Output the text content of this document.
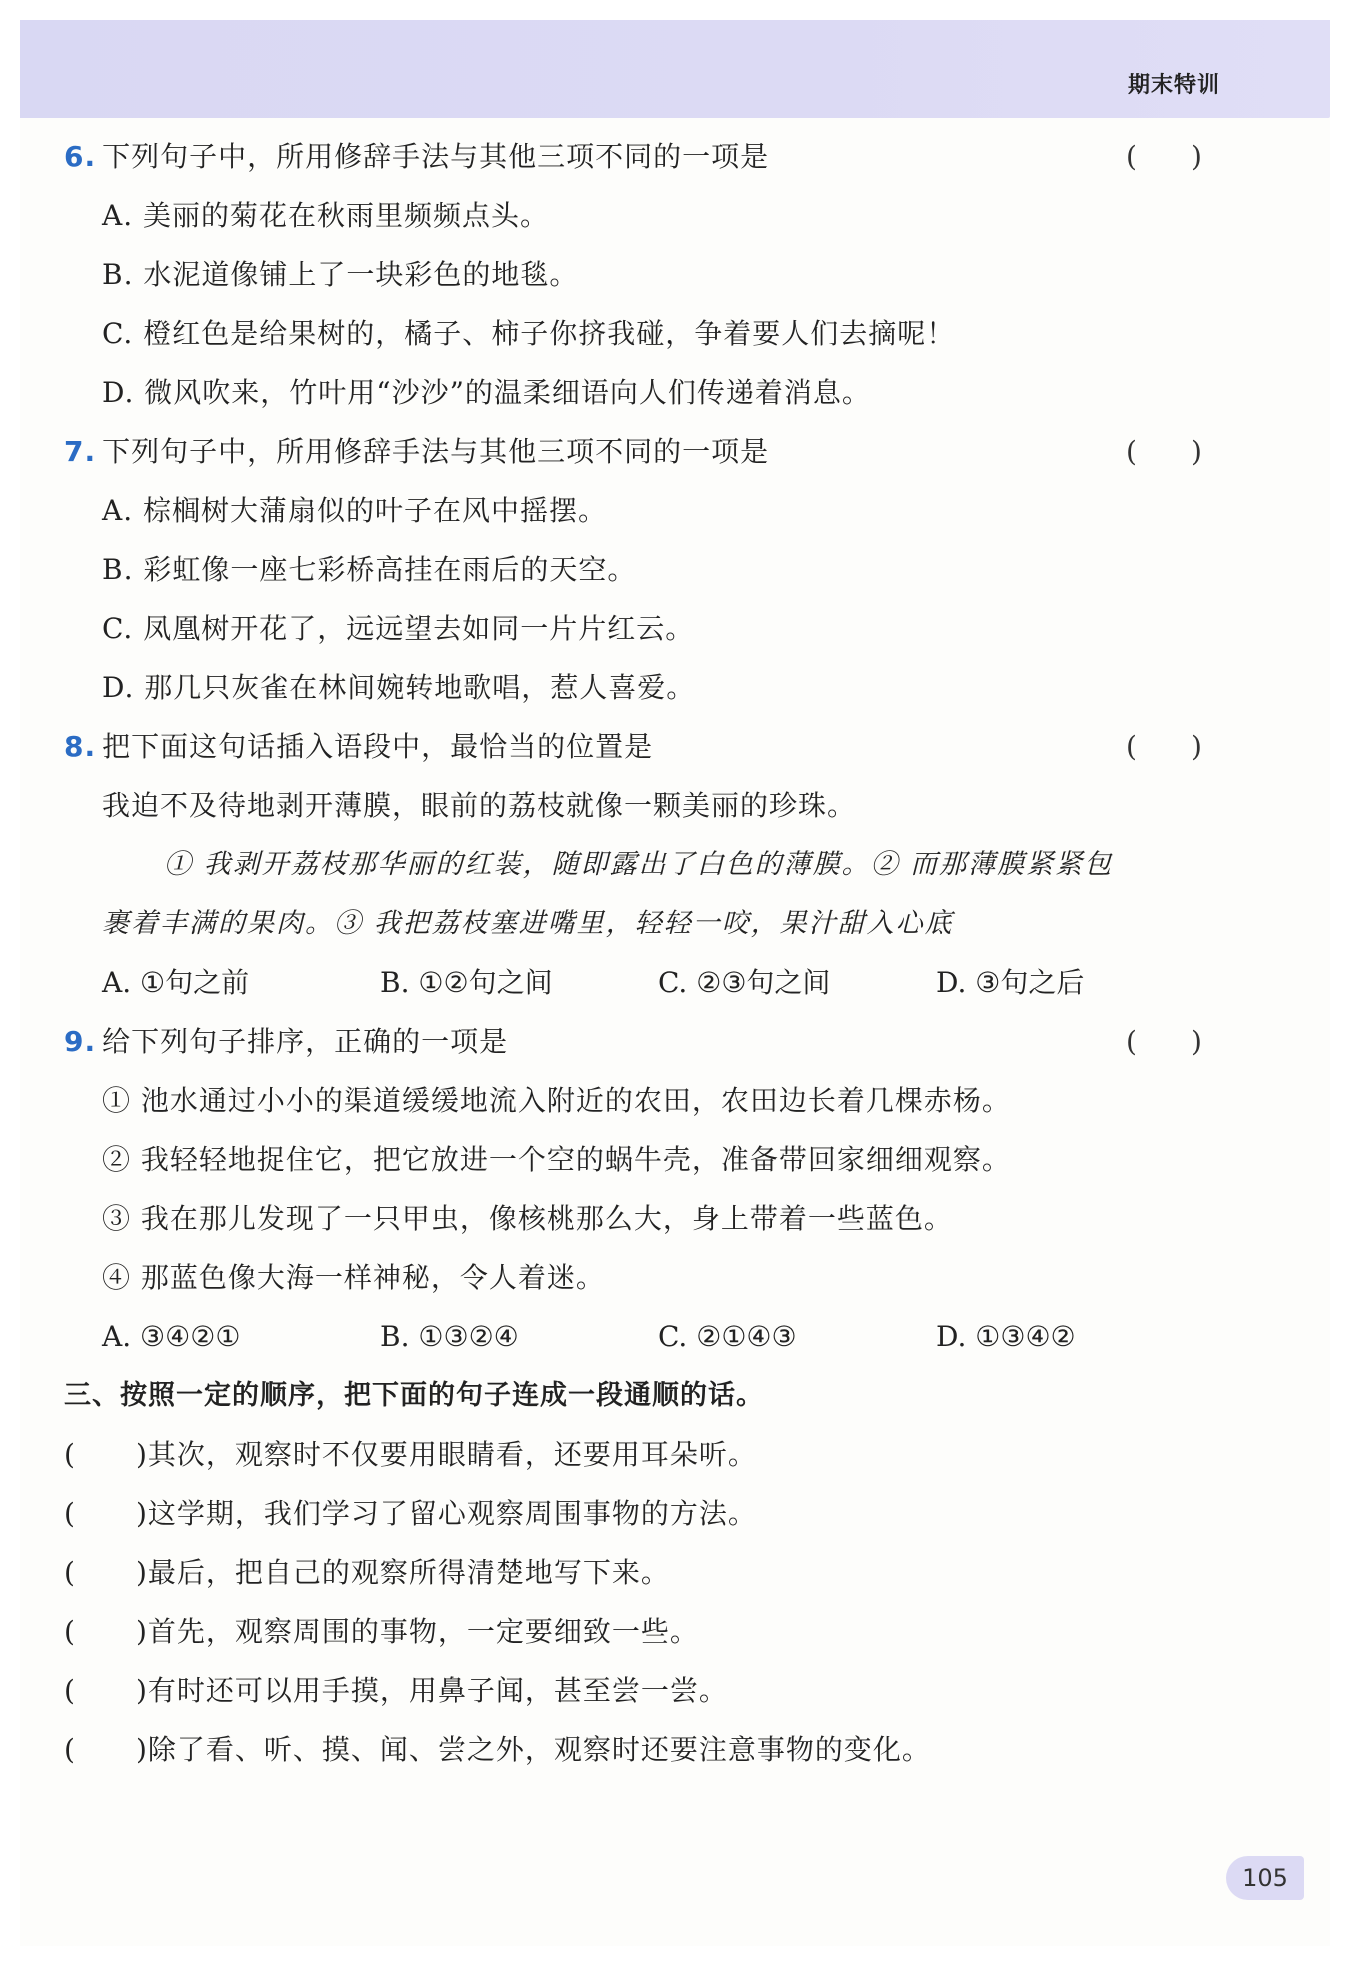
期末特训
6. 下列句子中，所用修辞手法与其他三项不同的一项是	( )
A. 美丽的菊花在秋雨里频频点头。
B. 水泥道像铺上了一块彩色的地毯。
C. 橙红色是给果树的，橘子、柿子你挤我碰，争着要人们去摘呢！
D. 微风吹来，竹叶用“沙沙”的温柔细语向人们传递着消息。
7. 下列句子中，所用修辞手法与其他三项不同的一项是	( )
A. 棕榈树大蒲扇似的叶子在风中摇摆。
B. 彩虹像一座七彩桥高挂在雨后的天空。
C. 凤凰树开花了，远远望去如同一片片红云。
D. 那几只灰雀在林间婉转地歌唱，惹人喜爱。
8. 把下面这句话插入语段中，最恰当的位置是	( )
我迫不及待地剥开薄膜，眼前的荔枝就像一颗美丽的珍珠。
① 我剥开荔枝那华丽的红装，随即露出了白色的薄膜。② 而那薄膜紧紧包
裹着丰满的果肉。③ 我把荔枝塞进嘴里，轻轻一咬，果汁甜入心底
A. ①句之前	B. ①②句之间	C. ②③句之间	D. ③句之后
9. 给下列句子排序，正确的一项是	( )
① 池水通过小小的渠道缓缓地流入附近的农田，农田边长着几棵赤杨。
② 我轻轻地捉住它，把它放进一个空的蜗牛壳，准备带回家细细观察。
③ 我在那儿发现了一只甲虫，像核桃那么大，身上带着一些蓝色。
④ 那蓝色像大海一样神秘，令人着迷。
A. ③④②①	B. ①③②④	C. ②①④③	D. ①③④②
三、按照一定的顺序，把下面的句子连成一段通顺的话。
( )其次，观察时不仅要用眼睛看，还要用耳朵听。
( )这学期，我们学习了留心观察周围事物的方法。
( )最后，把自己的观察所得清楚地写下来。
( )首先，观察周围的事物，一定要细致一些。
( )有时还可以用手摸，用鼻子闻，甚至尝一尝。
( )除了看、听、摸、闻、尝之外，观察时还要注意事物的变化。
105
